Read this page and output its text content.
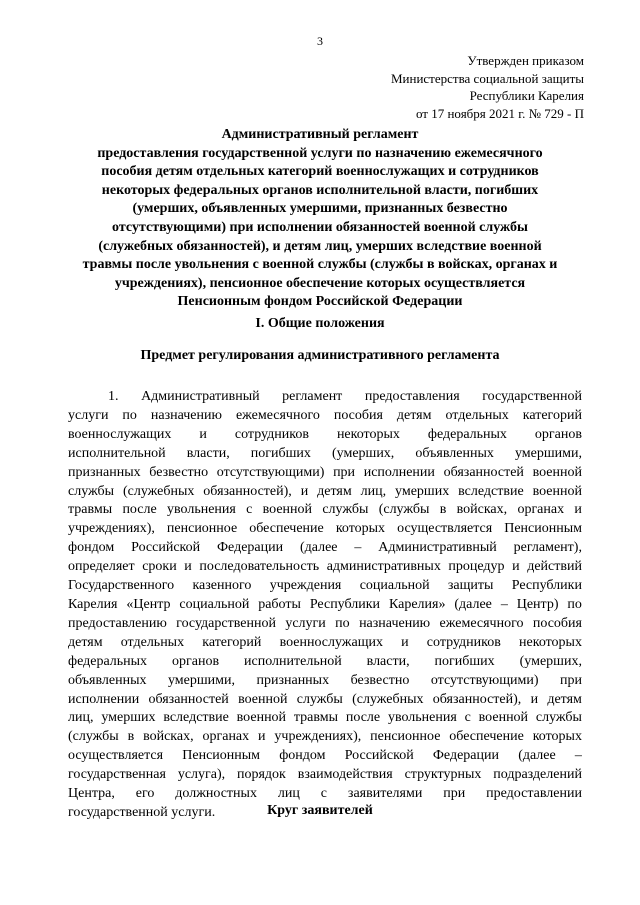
3
Утвержден приказом
Министерства социальной защиты
Республики Карелия
от 17 ноября 2021 г. № 729 - П
Административный регламент
предоставления государственной услуги по назначению ежемесячного
пособия детям отдельных категорий военнослужащих и сотрудников
некоторых федеральных органов исполнительной власти, погибших
(умерших, объявленных умершими, признанных безвестно
отсутствующими) при исполнении обязанностей военной службы
(служебных обязанностей), и детям лиц, умерших вследствие военной
травмы после увольнения с военной службы (службы в войсках, органах и
учреждениях), пенсионное обеспечение которых осуществляется
Пенсионным фондом Российской Федерации
I. Общие положения
Предмет регулирования административного регламента
1. Административный регламент предоставления государственной
услуги по назначению ежемесячного пособия детям отдельных категорий
военнослужащих и сотрудников некоторых федеральных органов
исполнительной власти, погибших (умерших, объявленных умершими,
признанных безвестно отсутствующими) при исполнении обязанностей военной
службы (служебных обязанностей), и детям лиц, умерших вследствие военной
травмы после увольнения с военной службы (службы в войсках, органах и
учреждениях), пенсионное обеспечение которых осуществляется Пенсионным
фондом Российской Федерации (далее – Административный регламент),
определяет сроки и последовательность административных процедур и действий
Государственного казенного учреждения социальной защиты Республики
Карелия «Центр социальной работы Республики Карелия» (далее – Центр) по
предоставлению государственной услуги по назначению ежемесячного пособия
детям отдельных категорий военнослужащих и сотрудников некоторых
федеральных органов исполнительной власти, погибших (умерших,
объявленных умершими, признанных безвестно отсутствующими) при
исполнении обязанностей военной службы (служебных обязанностей), и детям
лиц, умерших вследствие военной травмы после увольнения с военной службы
(службы в войсках, органах и учреждениях), пенсионное обеспечение которых
осуществляется Пенсионным фондом Российской Федерации (далее –
государственная услуга), порядок взаимодействия структурных подразделений
Центра, его должностных лиц с заявителями при предоставлении
государственной услуги.	Круг заявителей
